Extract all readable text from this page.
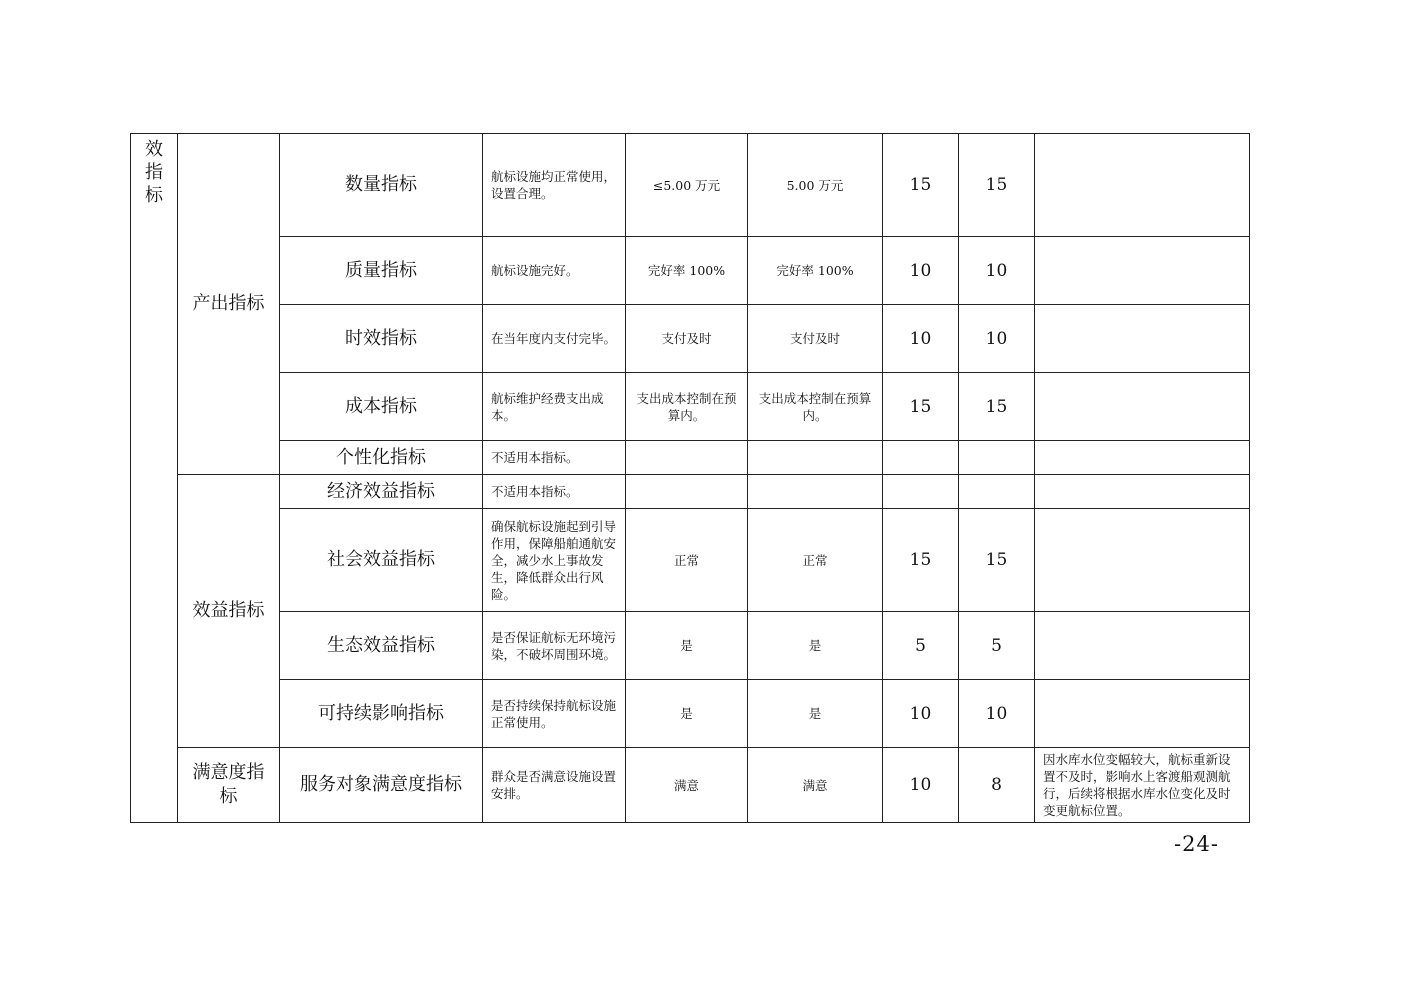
效指标	产出指标	数量指标	航标设施均正常使用，设置合理。	≤5.00 万元	5.00 万元	15	15	
		质量指标	航标设施完好。	完好率 100%	完好率 100%	10	10	
		时效指标	在当年度内支付完毕。	支付及时	支付及时	10	10	
		成本指标	航标维护经费支出成本。	支出成本控制在预算内。	支出成本控制在预算内。	15	15	
		个性化指标	不适用本指标。					
	效益指标	经济效益指标	不适用本指标。					
		社会效益指标	确保航标设施起到引导作用，保障船舶通航安全，减少水上事故发生，降低群众出行风险。	正常	正常	15	15	
		生态效益指标	是否保证航标无环境污染，不破坏周围环境。	是	是	5	5	
		可持续影响指标	是否持续保持航标设施正常使用。	是	是	10	10	
	满意度指标	服务对象满意度指标	群众是否满意设施设置安排。	满意	满意	10	8	因水库水位变幅较大，航标重新设置不及时，影响水上客渡船观测航行，后续将根据水库水位变化及时变更航标位置。
-24-
